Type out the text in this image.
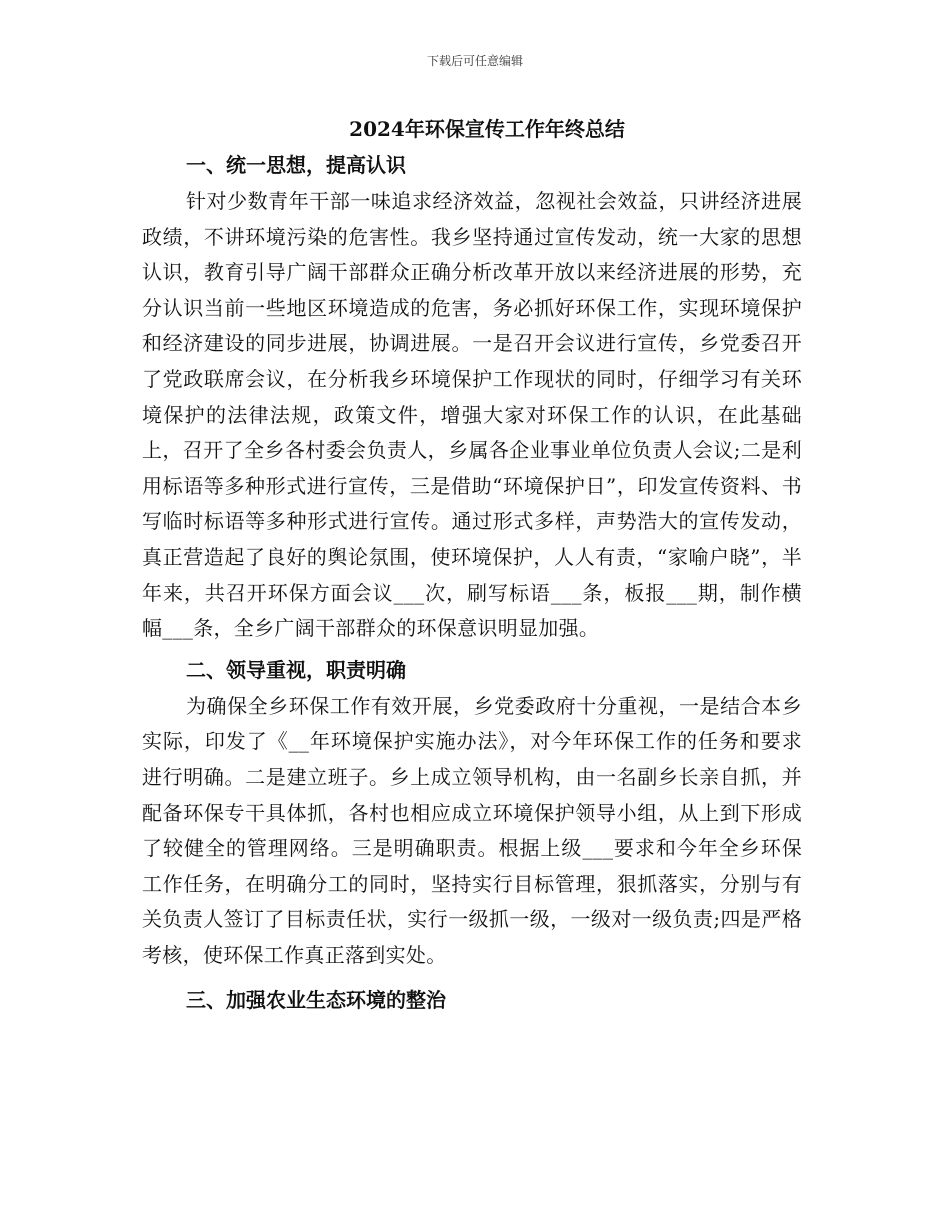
下载后可任意编辑
2024年环保宣传工作年终总结
一、统一思想，提高认识

针对少数青年干部一味追求经济效益，忽视社会效益，只讲经济进展政绩，不讲环境污染的危害性。我乡坚持通过宣传发动，统一大家的思想认识，教育引导广阔干部群众正确分析改革开放以来经济进展的形势，充分认识当前一些地区环境造成的危害，务必抓好环保工作，实现环境保护和经济建设的同步进展，协调进展。一是召开会议进行宣传，乡党委召开了党政联席会议，在分析我乡环境保护工作现状的同时，仔细学习有关环境保护的法律法规，政策文件，增强大家对环保工作的认识，在此基础上，召开了全乡各村委会负责人，乡属各企业事业单位负责人会议;二是利用标语等多种形式进行宣传，三是借助“环境保护日”，印发宣传资料、书写临时标语等多种形式进行宣传。通过形式多样，声势浩大的宣传发动，真正营造起了良好的舆论氛围，使环境保护，人人有责，“家喻户晓”，半年来，共召开环保方面会议___次，刷写标语___条，板报___期，制作横幅___条，全乡广阔干部群众的环保意识明显加强。

二、领导重视，职责明确

为确保全乡环保工作有效开展，乡党委政府十分重视，一是结合本乡实际，印发了《__年环境保护实施办法》，对今年环保工作的任务和要求进行明确。二是建立班子。乡上成立领导机构，由一名副乡长亲自抓，并配备环保专干具体抓，各村也相应成立环境保护领导小组，从上到下形成了较健全的管理网络。三是明确职责。根据上级___要求和今年全乡环保工作任务，在明确分工的同时，坚持实行目标管理，狠抓落实，分别与有关负责人签订了目标责任状，实行一级抓一级，一级对一级负责;四是严格考核，使环保工作真正落到实处。

三、加强农业生态环境的整治
